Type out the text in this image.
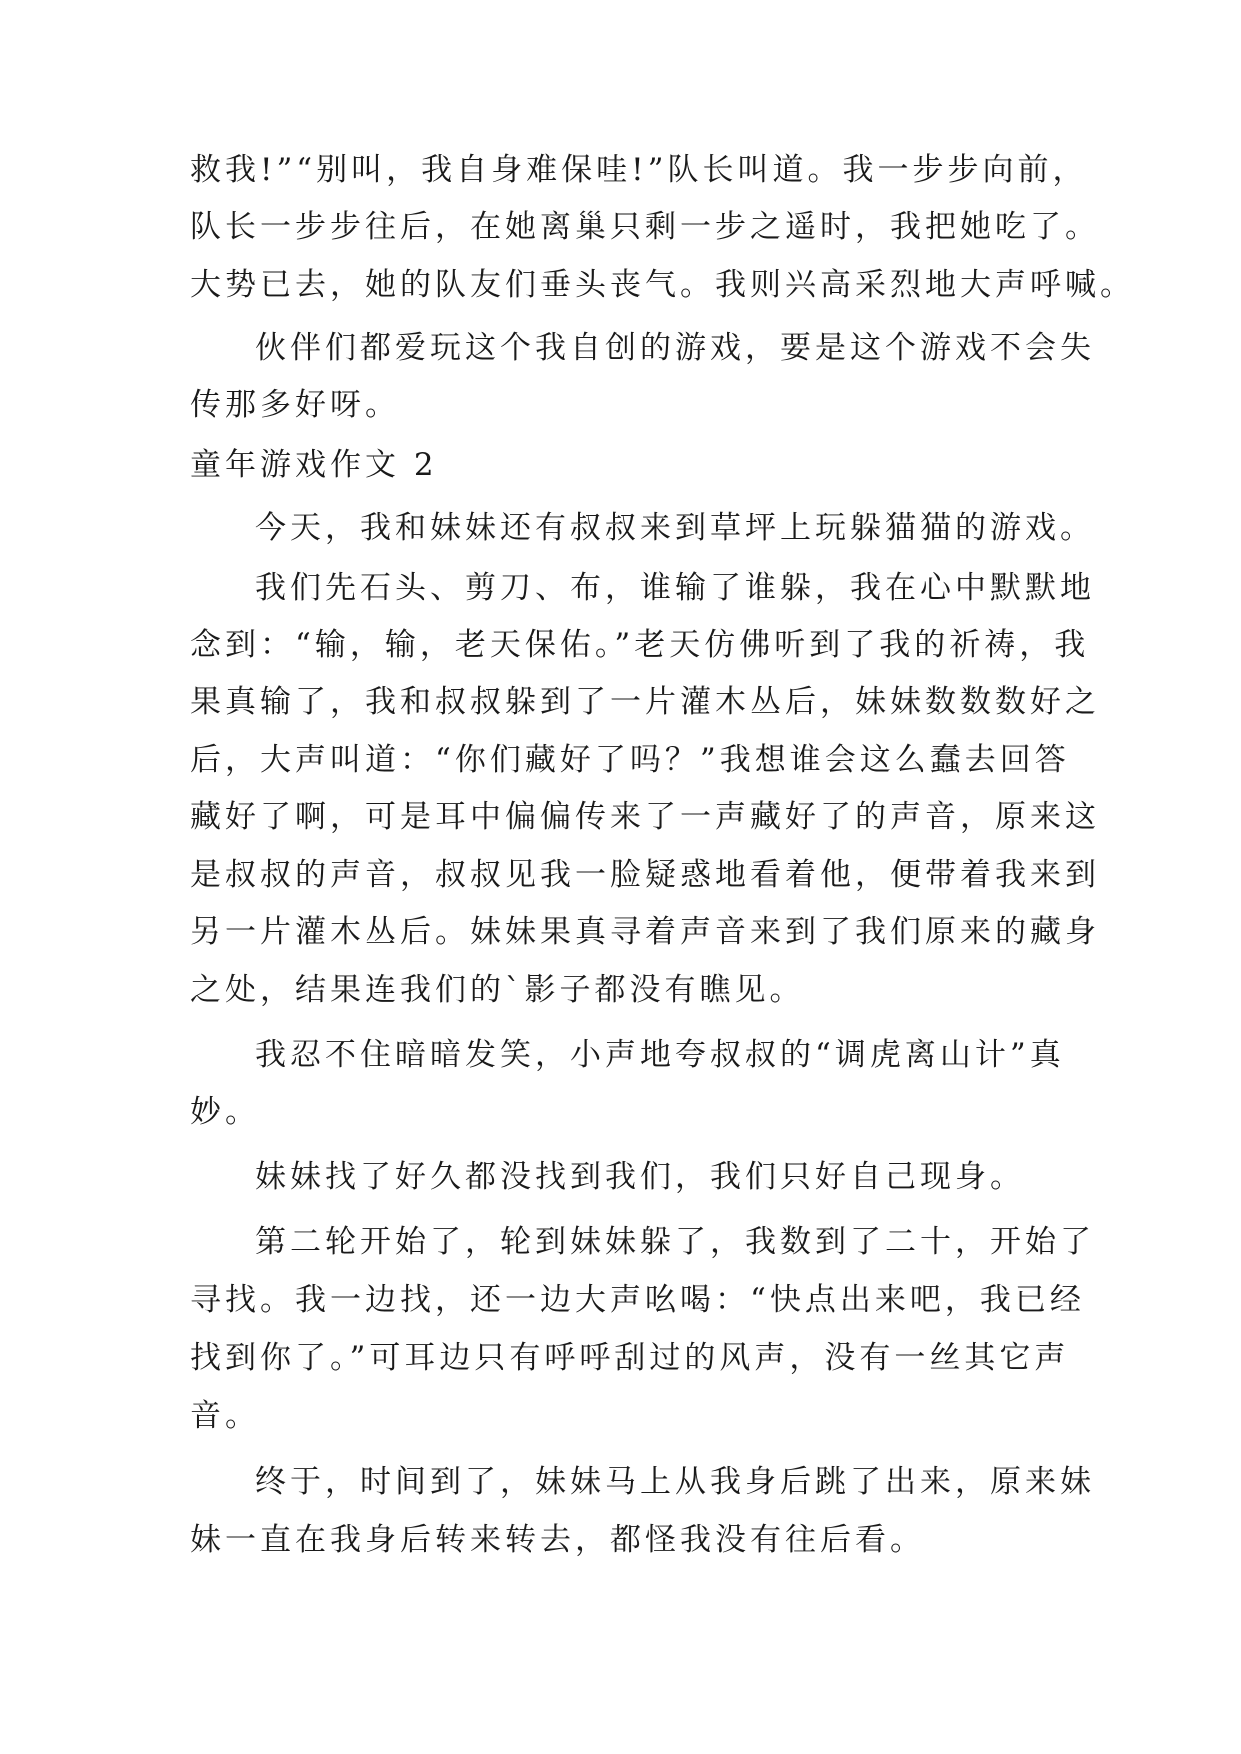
救我!”“别叫，我自身难保哇!”队长叫道。我一步步向前，
队长一步步往后，在她离巢只剩一步之遥时，我把她吃了。
大势已去，她的队友们垂头丧气。我则兴高采烈地大声呼喊。
伙伴们都爱玩这个我自创的游戏，要是这个游戏不会失
传那多好呀。
童年游戏作文 2
今天，我和妹妹还有叔叔来到草坪上玩躲猫猫的游戏。
我们先石头、剪刀、布，谁输了谁躲，我在心中默默地
念到：“输，输，老天保佑。”老天仿佛听到了我的祈祷，我
果真输了，我和叔叔躲到了一片灌木丛后，妹妹数数数好之
后，大声叫道：“你们藏好了吗？”我想谁会这么蠢去回答
藏好了啊，可是耳中偏偏传来了一声藏好了的声音，原来这
是叔叔的声音，叔叔见我一脸疑惑地看着他，便带着我来到
另一片灌木丛后。妹妹果真寻着声音来到了我们原来的藏身
之处，结果连我们的`影子都没有瞧见。
我忍不住暗暗发笑，小声地夸叔叔的“调虎离山计”真
妙。
妹妹找了好久都没找到我们，我们只好自己现身。
第二轮开始了，轮到妹妹躲了，我数到了二十，开始了
寻找。我一边找，还一边大声吆喝：“快点出来吧，我已经
找到你了。”可耳边只有呼呼刮过的风声，没有一丝其它声
音。
终于，时间到了，妹妹马上从我身后跳了出来，原来妹
妹一直在我身后转来转去，都怪我没有往后看。
